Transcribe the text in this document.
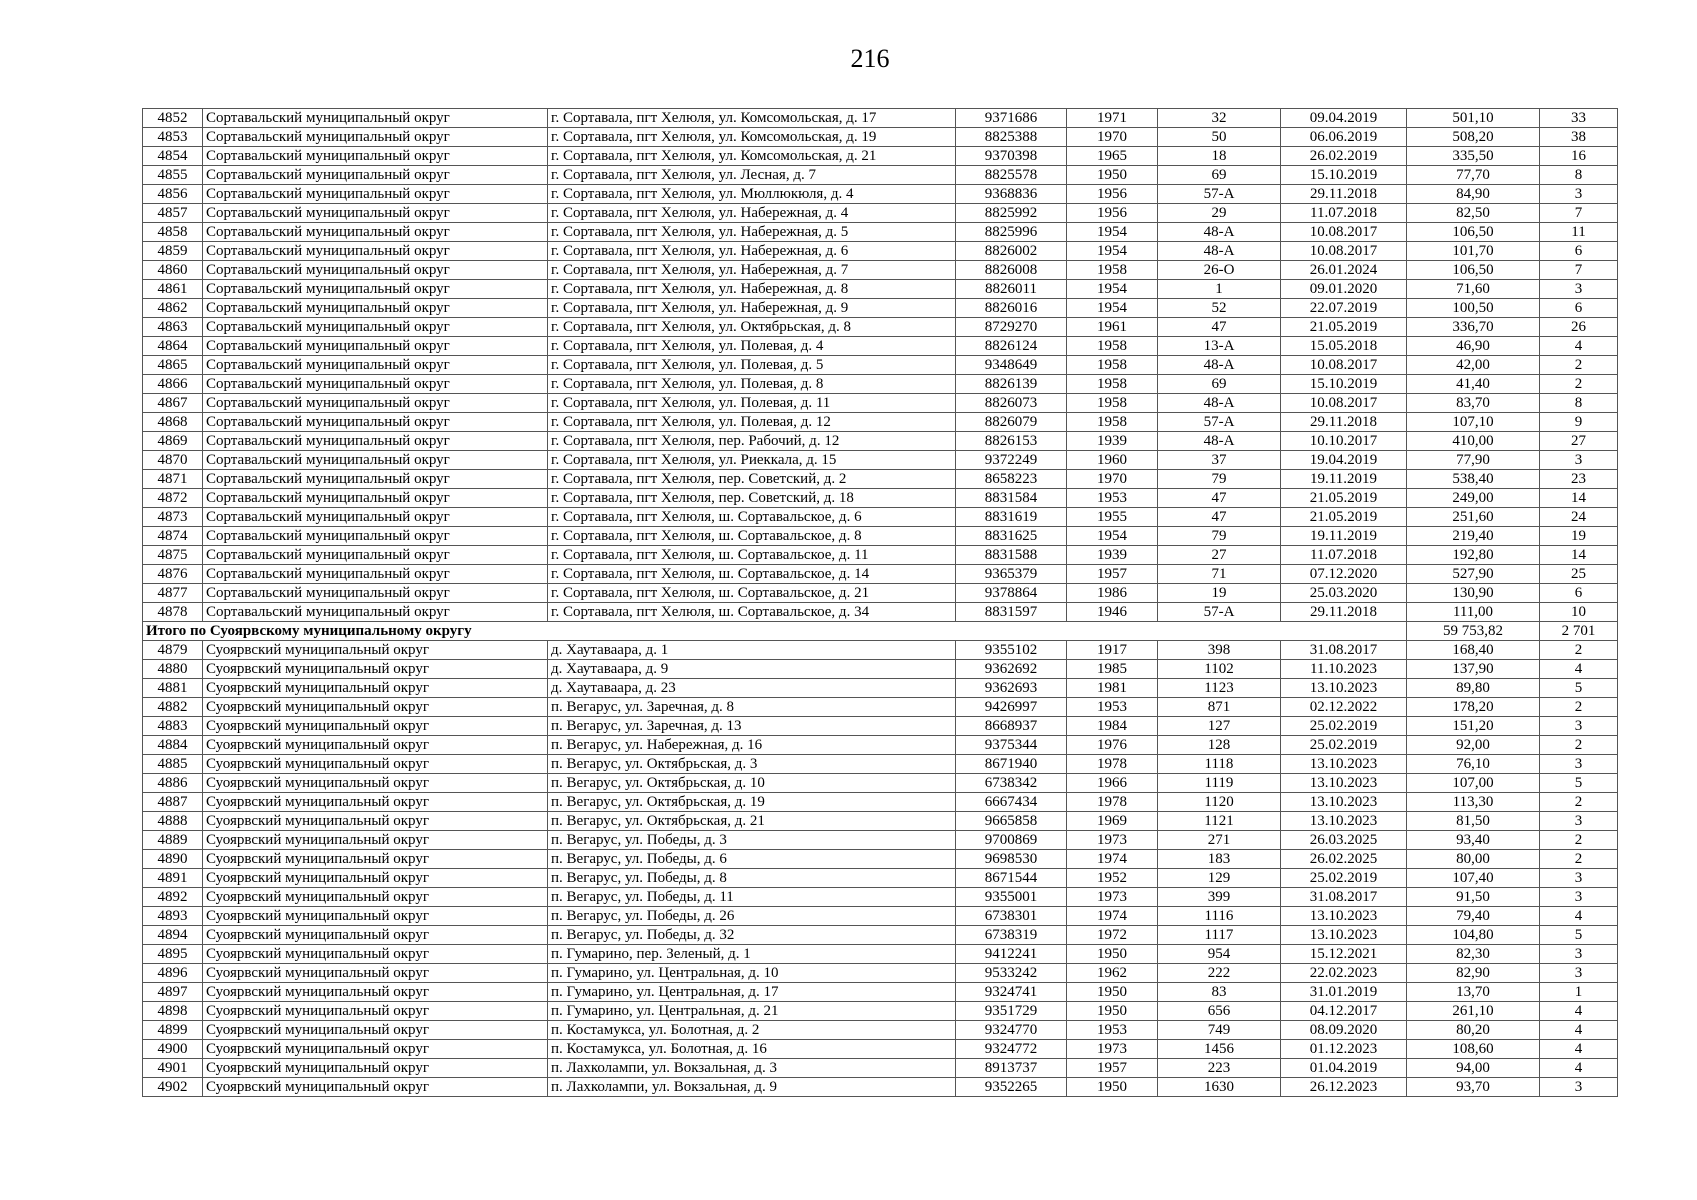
216
4852	Сортавальский муниципальный округ	г. Сортавала, пгт Хелюля, ул. Комсомольская, д. 17	9371686	1971	32	09.04.2019	501,10	33
4853	Сортавальский муниципальный округ	г. Сортавала, пгт Хелюля, ул. Комсомольская, д. 19	8825388	1970	50	06.06.2019	508,20	38
4854	Сортавальский муниципальный округ	г. Сортавала, пгт Хелюля, ул. Комсомольская, д. 21	9370398	1965	18	26.02.2019	335,50	16
4855	Сортавальский муниципальный округ	г. Сортавала, пгт Хелюля, ул. Лесная, д. 7	8825578	1950	69	15.10.2019	77,70	8
4856	Сортавальский муниципальный округ	г. Сортавала, пгт Хелюля, ул. Мюллюкюля, д. 4	9368836	1956	57-А	29.11.2018	84,90	3
4857	Сортавальский муниципальный округ	г. Сортавала, пгт Хелюля, ул. Набережная, д. 4	8825992	1956	29	11.07.2018	82,50	7
4858	Сортавальский муниципальный округ	г. Сортавала, пгт Хелюля, ул. Набережная, д. 5	8825996	1954	48-А	10.08.2017	106,50	11
4859	Сортавальский муниципальный округ	г. Сортавала, пгт Хелюля, ул. Набережная, д. 6	8826002	1954	48-А	10.08.2017	101,70	6
4860	Сортавальский муниципальный округ	г. Сортавала, пгт Хелюля, ул. Набережная, д. 7	8826008	1958	26-О	26.01.2024	106,50	7
4861	Сортавальский муниципальный округ	г. Сортавала, пгт Хелюля, ул. Набережная, д. 8	8826011	1954	1	09.01.2020	71,60	3
4862	Сортавальский муниципальный округ	г. Сортавала, пгт Хелюля, ул. Набережная, д. 9	8826016	1954	52	22.07.2019	100,50	6
4863	Сортавальский муниципальный округ	г. Сортавала, пгт Хелюля, ул. Октябрьская, д. 8	8729270	1961	47	21.05.2019	336,70	26
4864	Сортавальский муниципальный округ	г. Сортавала, пгт Хелюля, ул. Полевая, д. 4	8826124	1958	13-А	15.05.2018	46,90	4
4865	Сортавальский муниципальный округ	г. Сортавала, пгт Хелюля, ул. Полевая, д. 5	9348649	1958	48-А	10.08.2017	42,00	2
4866	Сортавальский муниципальный округ	г. Сортавала, пгт Хелюля, ул. Полевая, д. 8	8826139	1958	69	15.10.2019	41,40	2
4867	Сортавальский муниципальный округ	г. Сортавала, пгт Хелюля, ул. Полевая, д. 11	8826073	1958	48-А	10.08.2017	83,70	8
4868	Сортавальский муниципальный округ	г. Сортавала, пгт Хелюля, ул. Полевая, д. 12	8826079	1958	57-А	29.11.2018	107,10	9
4869	Сортавальский муниципальный округ	г. Сортавала, пгт Хелюля, пер. Рабочий, д. 12	8826153	1939	48-А	10.10.2017	410,00	27
4870	Сортавальский муниципальный округ	г. Сортавала, пгт Хелюля, ул. Риеккала, д. 15	9372249	1960	37	19.04.2019	77,90	3
4871	Сортавальский муниципальный округ	г. Сортавала, пгт Хелюля, пер. Советский, д. 2	8658223	1970	79	19.11.2019	538,40	23
4872	Сортавальский муниципальный округ	г. Сортавала, пгт Хелюля, пер. Советский, д. 18	8831584	1953	47	21.05.2019	249,00	14
4873	Сортавальский муниципальный округ	г. Сортавала, пгт Хелюля, ш. Сортавальское, д. 6	8831619	1955	47	21.05.2019	251,60	24
4874	Сортавальский муниципальный округ	г. Сортавала, пгт Хелюля, ш. Сортавальское, д. 8	8831625	1954	79	19.11.2019	219,40	19
4875	Сортавальский муниципальный округ	г. Сортавала, пгт Хелюля, ш. Сортавальское, д. 11	8831588	1939	27	11.07.2018	192,80	14
4876	Сортавальский муниципальный округ	г. Сортавала, пгт Хелюля, ш. Сортавальское, д. 14	9365379	1957	71	07.12.2020	527,90	25
4877	Сортавальский муниципальный округ	г. Сортавала, пгт Хелюля, ш. Сортавальское, д. 21	9378864	1986	19	25.03.2020	130,90	6
4878	Сортавальский муниципальный округ	г. Сортавала, пгт Хелюля, ш. Сортавальское, д. 34	8831597	1946	57-А	29.11.2018	111,00	10
Итого по Суоярвскому муниципальному округу							59 753,82	2 701
4879	Суоярвский муниципальный округ	д. Хаутаваара, д. 1	9355102	1917	398	31.08.2017	168,40	2
4880	Суоярвский муниципальный округ	д. Хаутаваара, д. 9	9362692	1985	1102	11.10.2023	137,90	4
4881	Суоярвский муниципальный округ	д. Хаутаваара, д. 23	9362693	1981	1123	13.10.2023	89,80	5
4882	Суоярвский муниципальный округ	п. Вегарус, ул. Заречная, д. 8	9426997	1953	871	02.12.2022	178,20	2
4883	Суоярвский муниципальный округ	п. Вегарус, ул. Заречная, д. 13	8668937	1984	127	25.02.2019	151,20	3
4884	Суоярвский муниципальный округ	п. Вегарус, ул. Набережная, д. 16	9375344	1976	128	25.02.2019	92,00	2
4885	Суоярвский муниципальный округ	п. Вегарус, ул. Октябрьская, д. 3	8671940	1978	1118	13.10.2023	76,10	3
4886	Суоярвский муниципальный округ	п. Вегарус, ул. Октябрьская, д. 10	6738342	1966	1119	13.10.2023	107,00	5
4887	Суоярвский муниципальный округ	п. Вегарус, ул. Октябрьская, д. 19	6667434	1978	1120	13.10.2023	113,30	2
4888	Суоярвский муниципальный округ	п. Вегарус, ул. Октябрьская, д. 21	9665858	1969	1121	13.10.2023	81,50	3
4889	Суоярвский муниципальный округ	п. Вегарус, ул. Победы, д. 3	9700869	1973	271	26.03.2025	93,40	2
4890	Суоярвский муниципальный округ	п. Вегарус, ул. Победы, д. 6	9698530	1974	183	26.02.2025	80,00	2
4891	Суоярвский муниципальный округ	п. Вегарус, ул. Победы, д. 8	8671544	1952	129	25.02.2019	107,40	3
4892	Суоярвский муниципальный округ	п. Вегарус, ул. Победы, д. 11	9355001	1973	399	31.08.2017	91,50	3
4893	Суоярвский муниципальный округ	п. Вегарус, ул. Победы, д. 26	6738301	1974	1116	13.10.2023	79,40	4
4894	Суоярвский муниципальный округ	п. Вегарус, ул. Победы, д. 32	6738319	1972	1117	13.10.2023	104,80	5
4895	Суоярвский муниципальный округ	п. Гумарино, пер. Зеленый, д. 1	9412241	1950	954	15.12.2021	82,30	3
4896	Суоярвский муниципальный округ	п. Гумарино, ул. Центральная, д. 10	9533242	1962	222	22.02.2023	82,90	3
4897	Суоярвский муниципальный округ	п. Гумарино, ул. Центральная, д. 17	9324741	1950	83	31.01.2019	13,70	1
4898	Суоярвский муниципальный округ	п. Гумарино, ул. Центральная, д. 21	9351729	1950	656	04.12.2017	261,10	4
4899	Суоярвский муниципальный округ	п. Костамукса, ул. Болотная, д. 2	9324770	1953	749	08.09.2020	80,20	4
4900	Суоярвский муниципальный округ	п. Костамукса, ул. Болотная, д. 16	9324772	1973	1456	01.12.2023	108,60	4
4901	Суоярвский муниципальный округ	п. Лахколампи, ул. Вокзальная, д. 3	8913737	1957	223	01.04.2019	94,00	4
4902	Суоярвский муниципальный округ	п. Лахколампи, ул. Вокзальная, д. 9	9352265	1950	1630	26.12.2023	93,70	3
